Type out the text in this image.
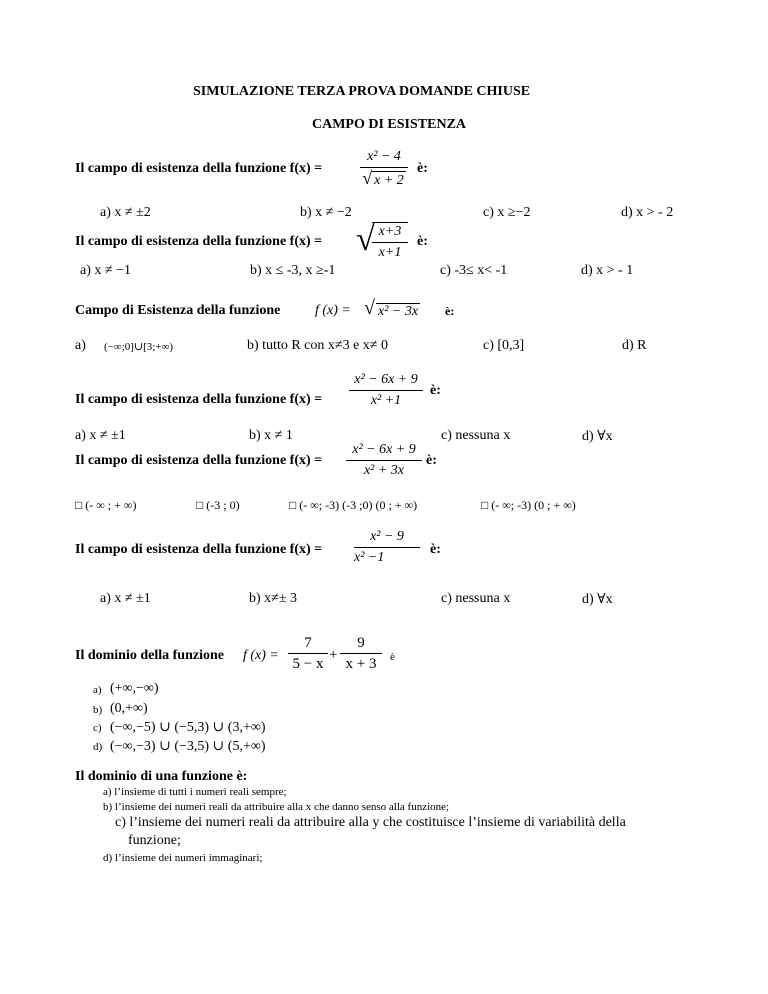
SIMULAZIONE TERZA PROVA DOMANDE CHIUSE
CAMPO DI ESISTENZA
Il campo di esistenza della funzione f(x) =
x² − 4
√ x + 2
è:
a) x ≠ ±2	b) x ≠ −2	c) x ≥−2	d) x > - 2
Il campo di esistenza della funzione f(x) = √ x+3
x+1
è:
a) x ≠ −1	b) x ≤ -3, x ≥-1	c) -3≤ x< -1	d) x > - 1
Campo di Esistenza della funzione f (x) = √ x² − 3x è:
a) (−∞;0]∪[3;+∞)	b) tutto R con x≠3 e x≠ 0	c) [0,3]	d) R
Il campo di esistenza della funzione f(x) =
x² − 6x + 9
x² +1
è:
a) x ≠ ±1	b) x ≠ 1	c) nessuna x	d) ∀x
Il campo di esistenza della funzione f(x) =
x² − 6x + 9
x² + 3x
è:
□ (- ∞ ; + ∞)	□ (-3 ; 0)	□ (- ∞; -3) (-3 ;0) (0 ; + ∞)	□ (- ∞; -3) (0 ; + ∞)
Il campo di esistenza della funzione f(x) =
x² − 9
x² −1
è:
a) x ≠ ±1	b) x≠± 3	c) nessuna x	d) ∀x
Il dominio della funzione f (x) =
7
5 − x
+
9
x + 3	è
a) (+∞,−∞)
b) (0,+∞)
c) (−∞,−5) ∪ (−5,3) ∪ (3,+∞)
d) (−∞,−3) ∪ (−3,5) ∪ (5,+∞)
Il dominio di una funzione è:
a) l’insieme di tutti i numeri reali sempre;
b) l’insieme dei numeri reali da attribuire alla x che danno senso alla funzione;
c) l’insieme dei numeri reali da attribuire alla y che costituisce l’insieme di variabilità della
funzione;
d) l’insieme dei numeri immaginari;
